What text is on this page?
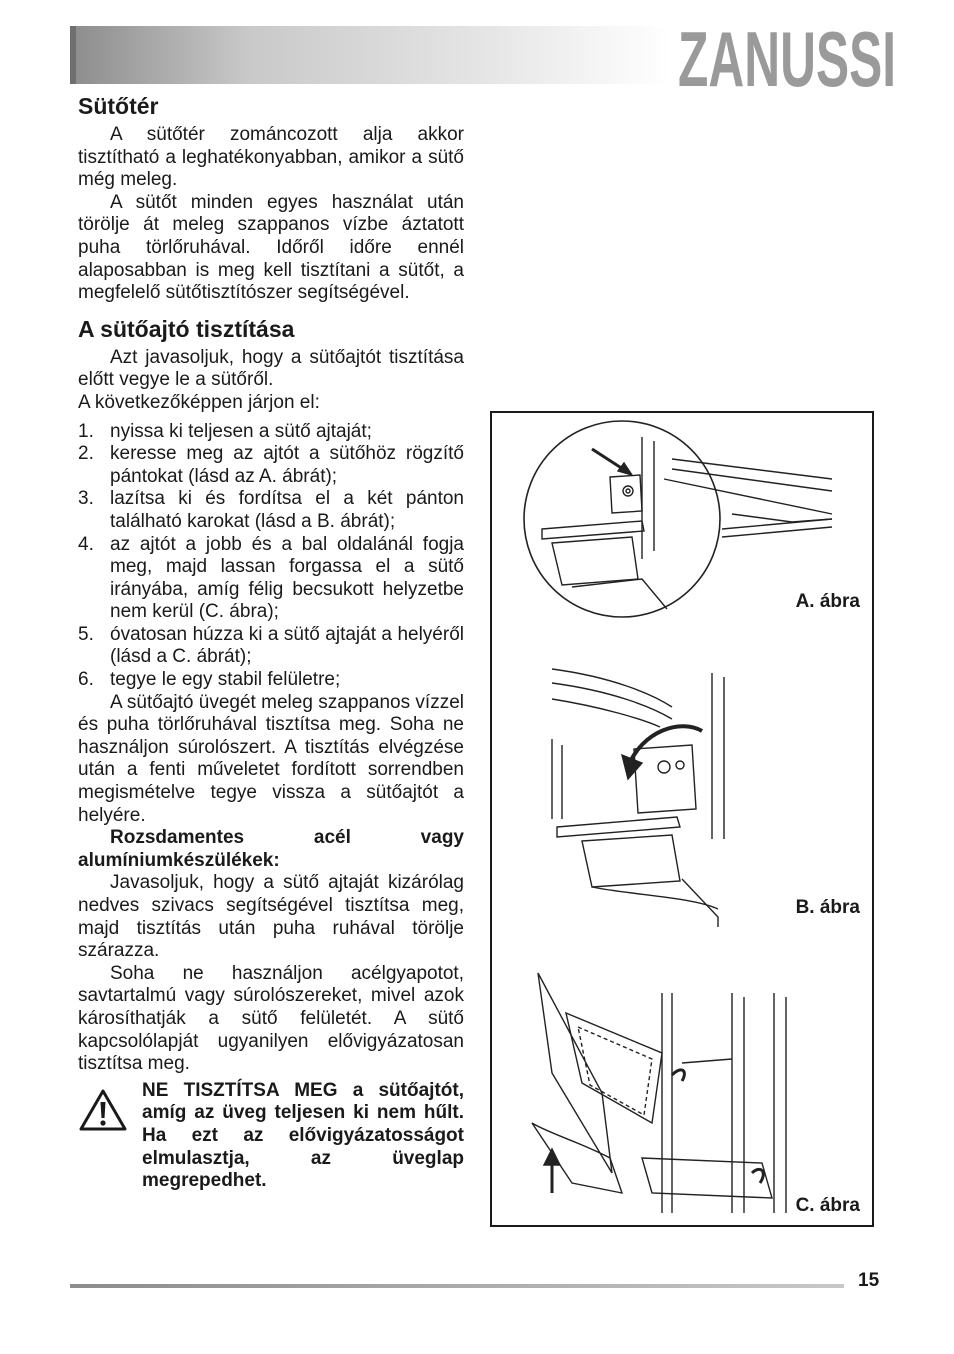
ZANUSSI
Sütőtér

A sütőtér zománcozott alja akkor tisztítható a leghatékonyabban, amikor a sütő még meleg.

A sütőt minden egyes használat után törölje át meleg szappanos vízbe áztatott puha törlőruhával. Időről időre ennél alaposabban is meg kell tisztítani a sütőt, a megfelelő sütőtisztítószer segítségével.

A sütőajtó tisztítása

Azt javasoljuk, hogy a sütőajtót tisztítása előtt vegye le a sütőről.

A következőképpen járjon el:

1. nyissa ki teljesen a sütő ajtaját;
2. keresse meg az ajtót a sütőhöz rögzítő pántokat (lásd az A. ábrát);
3. lazítsa ki és fordítsa el a két pánton található karokat (lásd a B. ábrát);
4. az ajtót a jobb és a bal oldalánál fogja meg, majd lassan forgassa el a sütő irányába, amíg félig becsukott helyzetbe nem kerül (C. ábra);
5. óvatosan húzza ki a sütő ajtaját a helyéről (lásd a C. ábrát);
6. tegye le egy stabil felületre;

A sütőajtó üvegét meleg szappanos vízzel és puha törlőruhával tisztítsa meg. Soha ne használjon súrolószert. A tisztítás elvégzése után a fenti műveletet fordított sorrendben megismételve tegye vissza a sütőajtót a helyére.

Rozsdamentes acél vagy alumíniumkészülékek:

Javasoljuk, hogy a sütő ajtaját kizárólag nedves szivacs segítségével tisztítsa meg, majd tisztítás után puha ruhával törölje szárazza.

Soha ne használjon acélgyapotot, savtartalmú vagy súrolószereket, mivel azok károsíthatják a sütő felületét. A sütő kapcsolólapját ugyanilyen elővigyázatosan tisztítsa meg.

NE TISZTÍTSA MEG a sütőajtót, amíg az üveg teljesen ki nem hűlt. Ha ezt az elővigyázatosságot elmulasztja, az üveglap megrepedhet.
A. ábra
B. ábra
C. ábra
15
